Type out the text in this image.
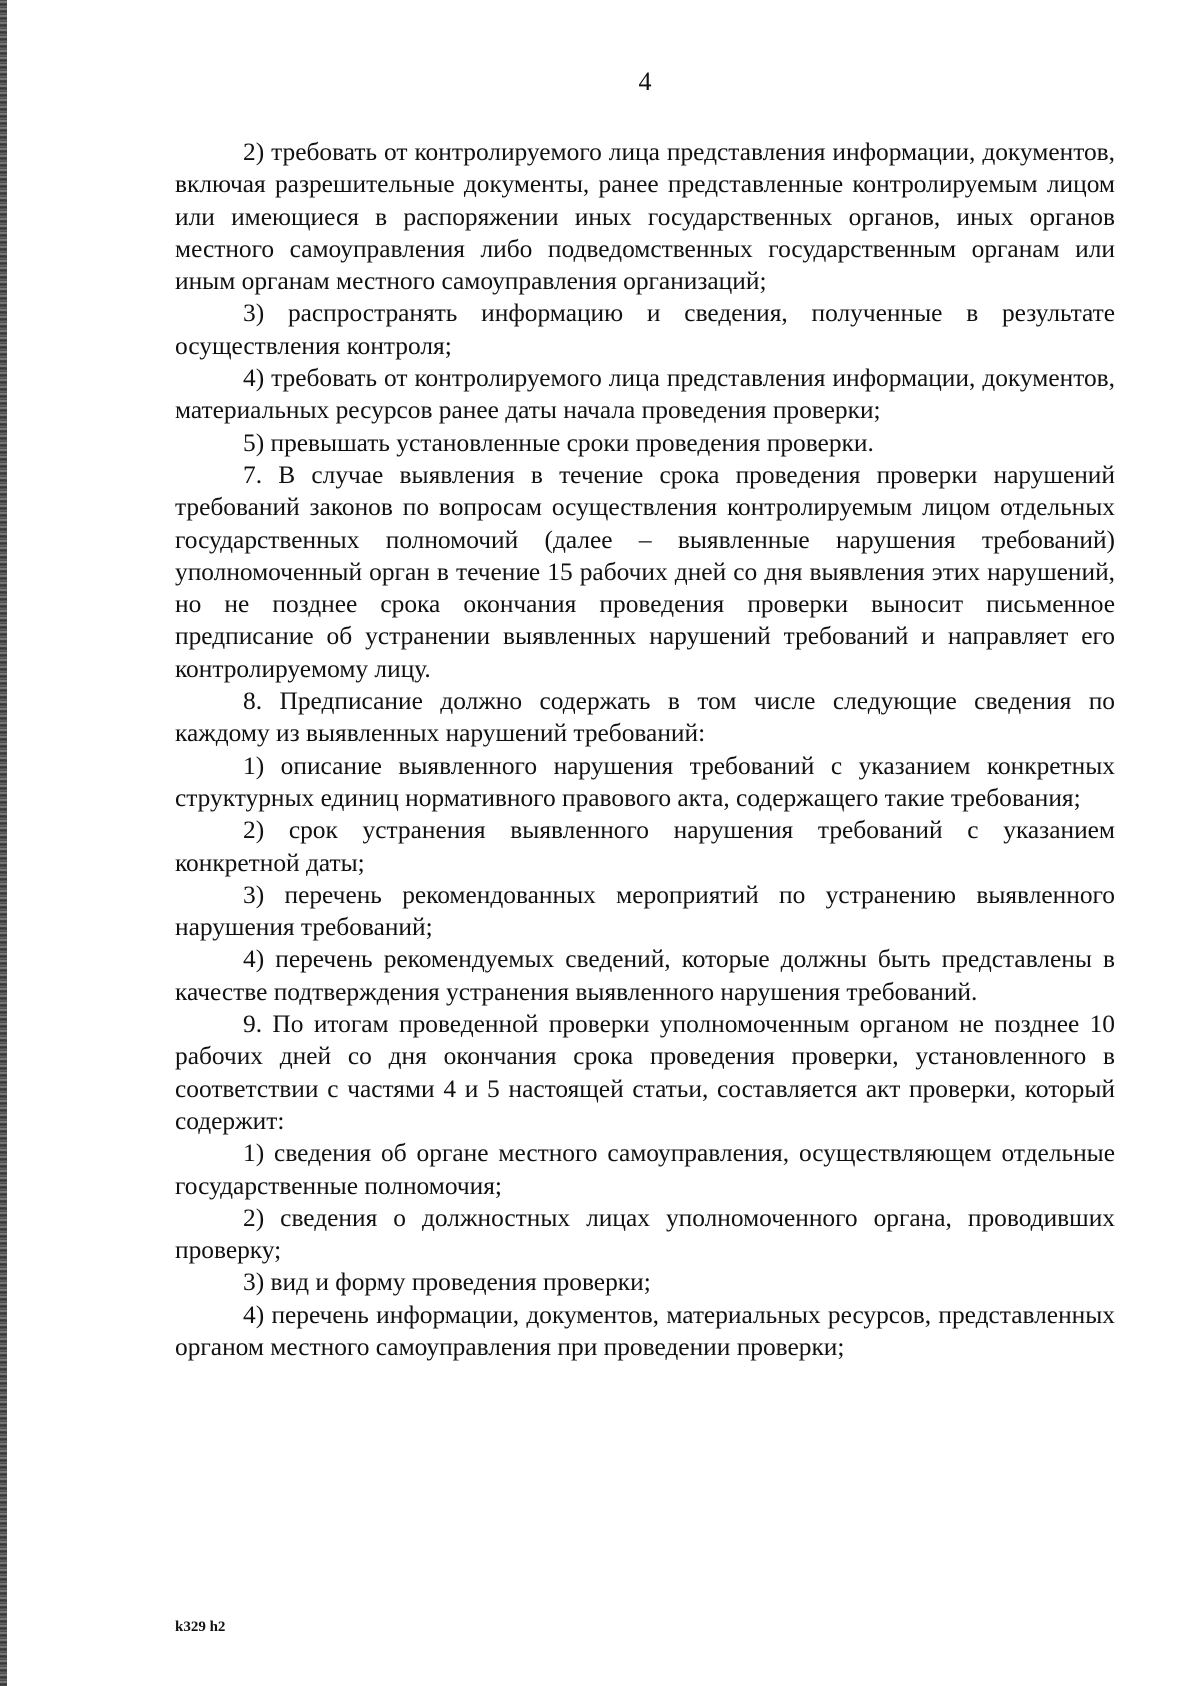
4

2) требовать от контролируемого лица представления информации, документов, включая разрешительные документы, ранее представленные контролируемым лицом или имеющиеся в распоряжении иных государственных органов, иных органов местного самоуправления либо подведомственных государственным органам или иным органам местного самоуправления организаций;

3) распространять информацию и сведения, полученные в результате осуществления контроля;

4) требовать от контролируемого лица представления информации, документов, материальных ресурсов ранее даты начала проведения проверки;

5) превышать установленные сроки проведения проверки.

7. В случае выявления в течение срока проведения проверки нарушений требований законов по вопросам осуществления контролируемым лицом отдельных государственных полномочий (далее – выявленные нарушения требований) уполномоченный орган в течение 15 рабочих дней со дня выявления этих нарушений, но не позднее срока окончания проведения проверки выносит письменное предписание об устранении выявленных нарушений требований и направляет его контролируемому лицу.

8. Предписание должно содержать в том числе следующие сведения по каждому из выявленных нарушений требований:

1) описание выявленного нарушения требований с указанием конкретных структурных единиц нормативного правового акта, содержащего такие требования;

2) срок устранения выявленного нарушения требований с указанием конкретной даты;

3) перечень рекомендованных мероприятий по устранению выявленного нарушения требований;

4) перечень рекомендуемых сведений, которые должны быть представлены в качестве подтверждения устранения выявленного нарушения требований.

9. По итогам проведенной проверки уполномоченным органом не позднее 10 рабочих дней со дня окончания срока проведения проверки, установленного в соответствии с частями 4 и 5 настоящей статьи, составляется акт проверки, который содержит:

1) сведения об органе местного самоуправления, осуществляющем отдельные государственные полномочия;

2) сведения о должностных лицах уполномоченного органа, проводивших проверку;

3) вид и форму проведения проверки;

4) перечень информации, документов, материальных ресурсов, представленных органом местного самоуправления при проведении проверки;

k329 h2
